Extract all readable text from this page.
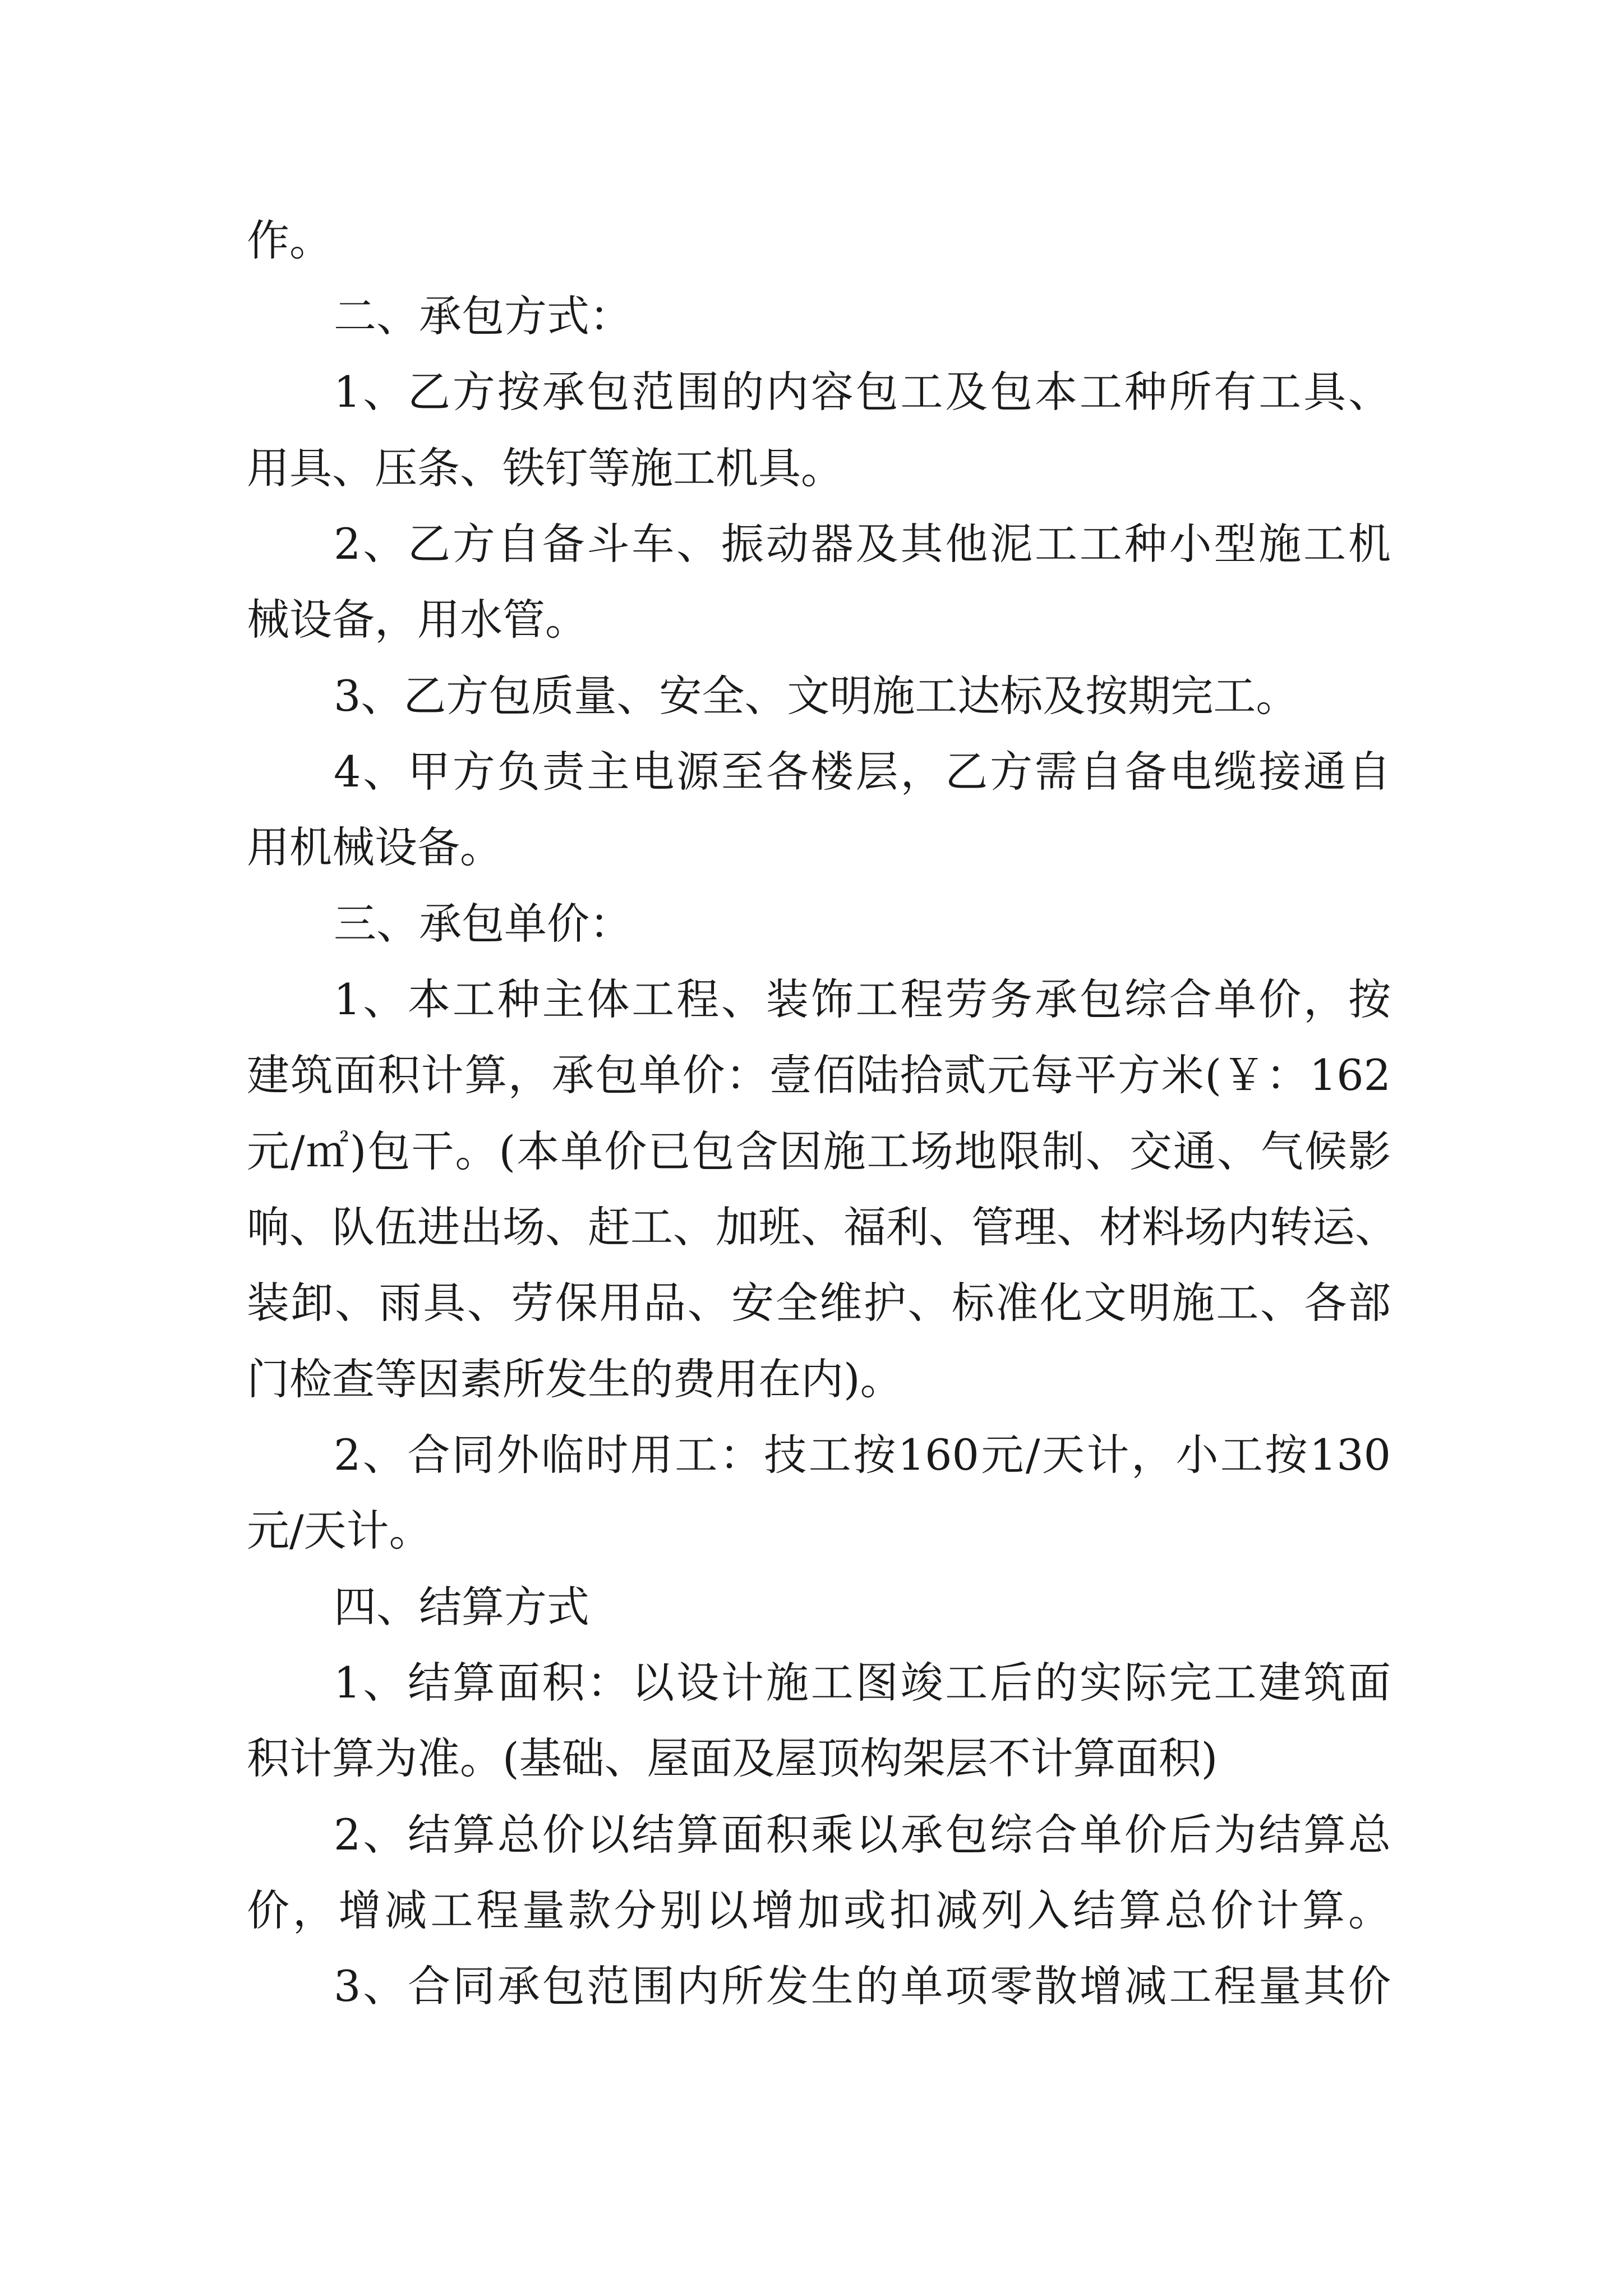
作。
二、承包方式：
1、乙方按承包范围的内容包工及包本工种所有工具、
用具、压条、铁钉等施工机具。
2、乙方自备斗车、振动器及其他泥工工种小型施工机
械设备，用水管。
3、乙方包质量、安全、文明施工达标及按期完工。
4、甲方负责主电源至各楼层，乙方需自备电缆接通自
用机械设备。
三、承包单价：
1、本工种主体工程、装饰工程劳务承包综合单价，按
建筑面积计算，承包单价：壹佰陆拾贰元每平方米(￥：162
元/㎡)包干。(本单价已包含因施工场地限制、交通、气候影
响、队伍进出场、赶工、加班、福利、管理、材料场内转运、
装卸、雨具、劳保用品、安全维护、标准化文明施工、各部
门检查等因素所发生的费用在内)。
2、合同外临时用工：技工按160元/天计，小工按130
元/天计。
四、结算方式
1、结算面积：以设计施工图竣工后的实际完工建筑面
积计算为准。(基础、屋面及屋顶构架层不计算面积)
2、结算总价以结算面积乘以承包综合单价后为结算总
价，增减工程量款分别以增加或扣减列入结算总价计算。
3、合同承包范围内所发生的单项零散增减工程量其价
